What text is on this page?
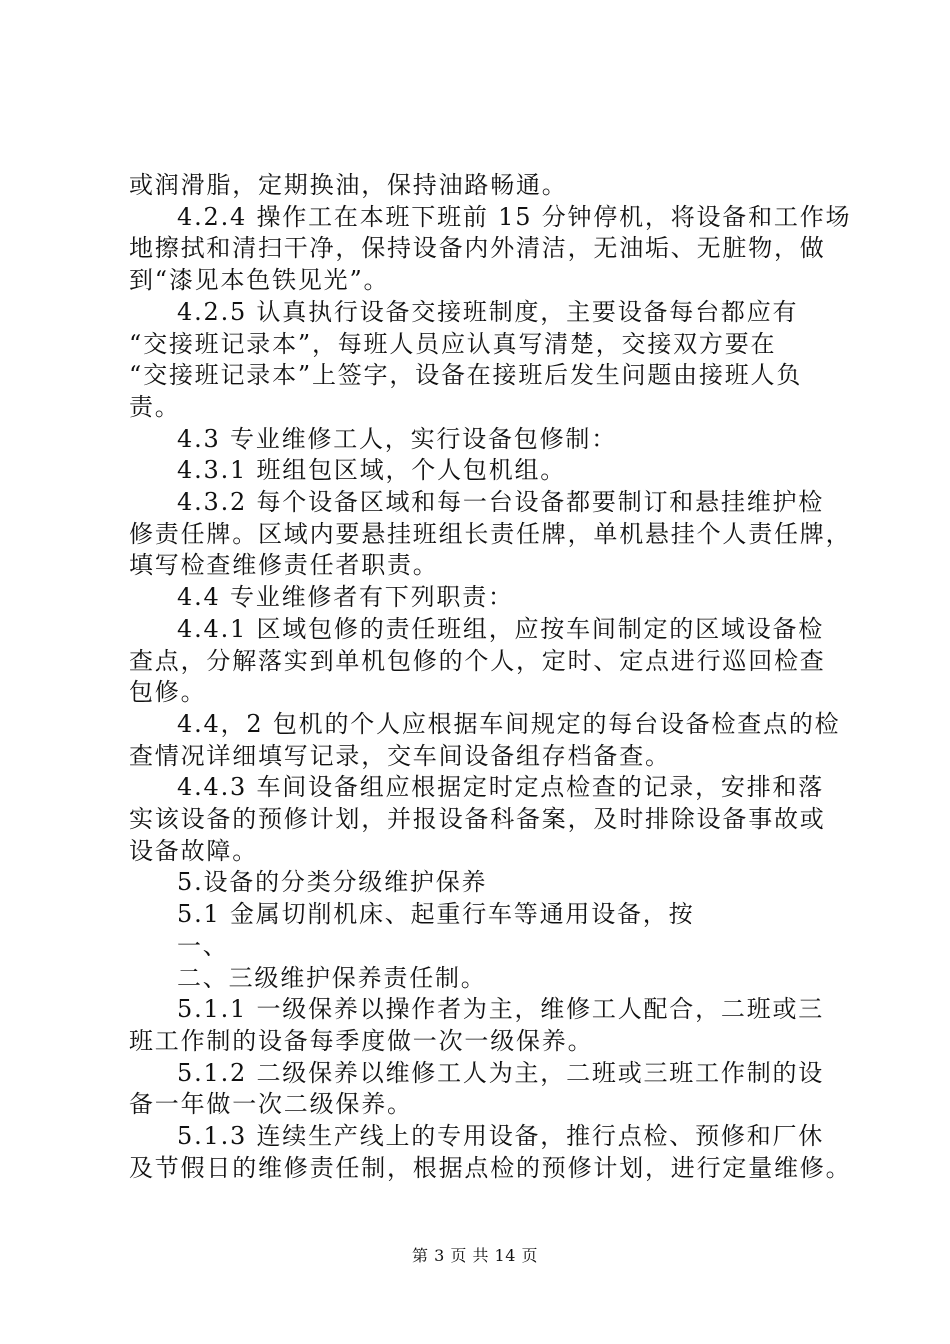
或润滑脂，定期换油，保持油路畅通。

4.2.4 操作工在本班下班前 15 分钟停机，将设备和工作场

地擦拭和清扫干净，保持设备内外清洁，无油垢、无脏物，做

到“漆见本色铁见光”。

4.2.5 认真执行设备交接班制度，主要设备每台都应有

“交接班记录本”，每班人员应认真写清楚，交接双方要在

“交接班记录本”上签字，设备在接班后发生问题由接班人负

责。

4.3 专业维修工人，实行设备包修制：

4.3.1 班组包区域，个人包机组。

4.3.2 每个设备区域和每一台设备都要制订和悬挂维护检

修责任牌。区域内要悬挂班组长责任牌，单机悬挂个人责任牌，

填写检查维修责任者职责。

4.4 专业维修者有下列职责：

4.4.1 区域包修的责任班组，应按车间制定的区域设备检

查点，分解落实到单机包修的个人，定时、定点进行巡回检查

包修。

4.4，2 包机的个人应根据车间规定的每台设备检查点的检

查情况详细填写记录，交车间设备组存档备查。

4.4.3 车间设备组应根据定时定点检查的记录，安排和落

实该设备的预修计划，并报设备科备案，及时排除设备事故或

设备故障。

5.设备的分类分级维护保养

5.1 金属切削机床、起重行车等通用设备，按

一、

二、三级维护保养责任制。

5.1.1 一级保养以操作者为主，维修工人配合，二班或三

班工作制的设备每季度做一次一级保养。

5.1.2 二级保养以维修工人为主，二班或三班工作制的设

备一年做一次二级保养。

5.1.3 连续生产线上的专用设备，推行点检、预修和厂休

及节假日的维修责任制，根据点检的预修计划，进行定量维修。

第 3 页 共 14 页
